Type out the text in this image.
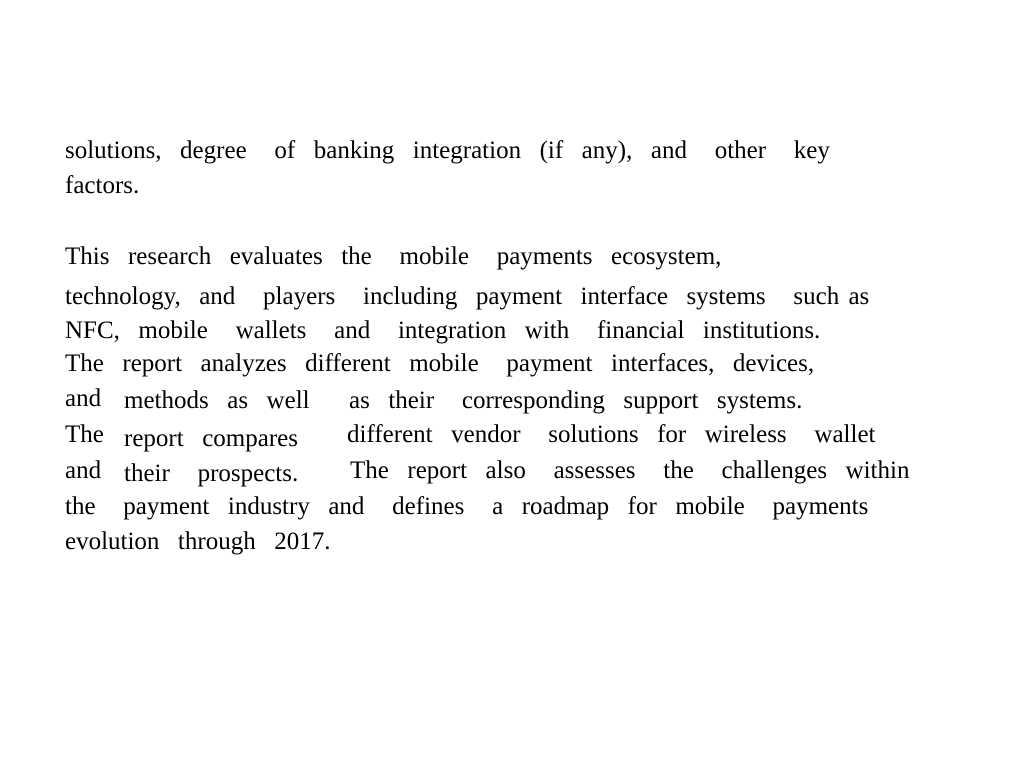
solutions,  degree   of  banking  integration  (if  any),  and   other   key
factors.
This  research  evaluates  the   mobile   payments  ecosystem,
technology,  and   players   including  payment  interface  systems   such as
NFC,  mobile   wallets   and   integration  with   financial  institutions.
The  report  analyzes  different  mobile   payment  interfaces,  devices,
and methods  as  well as  their   corresponding  support  systems.
The report  compares different  vendor   solutions  for  wireless   wallet
and their   prospects. The  report  also   assesses   the   challenges  within
the   payment  industry  and   defines   a  roadmap  for  mobile   payments
evolution  through  2017.
